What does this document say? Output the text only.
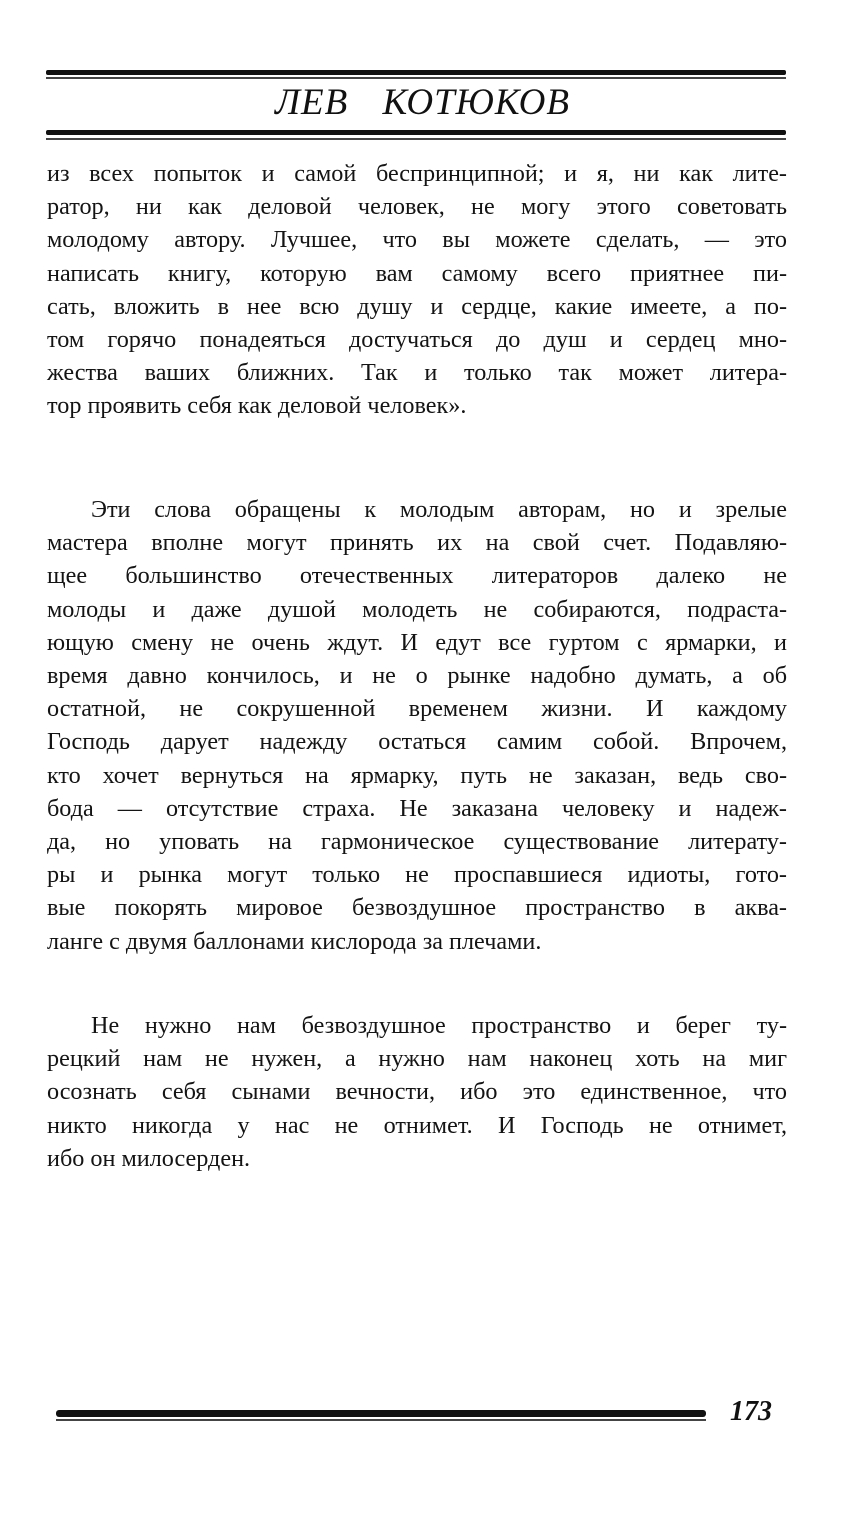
ЛЕВ КОТЮКОВ
из всех попыток и самой беспринципной; и я, ни как лите-
ратор, ни как деловой человек, не могу этого советовать
молодому автору. Лучшее, что вы можете сделать, — это
написать книгу, которую вам самому всего приятнее пи-
сать, вложить в нее всю душу и сердце, какие имеете, а по-
том горячо понадеяться достучаться до душ и сердец мно-
жества ваших ближних. Так и только так может литера-
тор проявить себя как деловой человек».
Эти слова обращены к молодым авторам, но и зрелые
мастера вполне могут принять их на свой счет. Подавляю-
щее большинство отечественных литераторов далеко не
молоды и даже душой молодеть не собираются, подраста-
ющую смену не очень ждут. И едут все гуртом с ярмарки, и
время давно кончилось, и не о рынке надобно думать, а об
остатной, не сокрушенной временем жизни. И каждому
Господь дарует надежду остаться самим собой. Впрочем,
кто хочет вернуться на ярмарку, путь не заказан, ведь сво-
бода — отсутствие страха. Не заказана человеку и надеж-
да, но уповать на гармоническое существование литерату-
ры и рынка могут только не проспавшиеся идиоты, гото-
вые покорять мировое безвоздушное пространство в аква-
ланге с двумя баллонами кислорода за плечами.
Не нужно нам безвоздушное пространство и берег ту-
рецкий нам не нужен, а нужно нам наконец хоть на миг
осознать себя сынами вечности, ибо это единственное, что
никто никогда у нас не отнимет. И Господь не отнимет,
ибо он милосерден.
173
